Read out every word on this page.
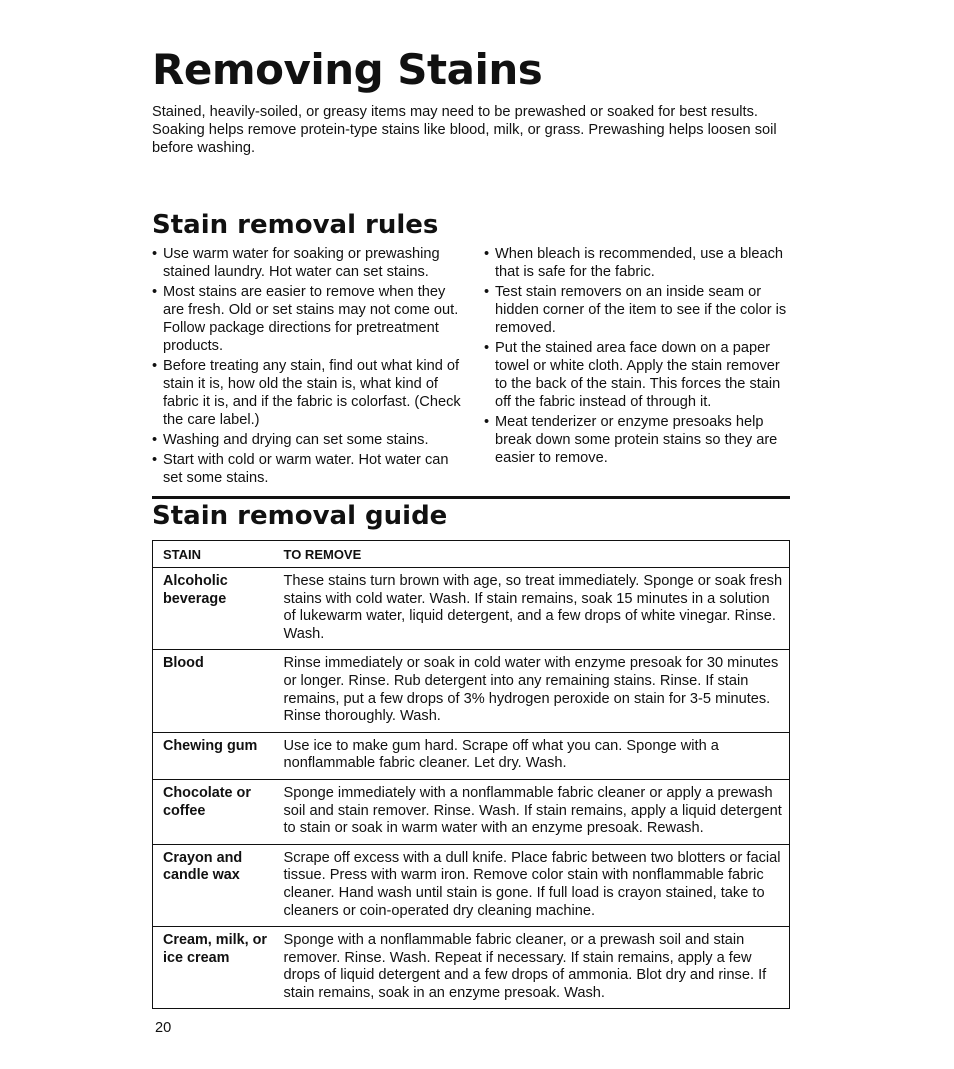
Removing Stains

Stained, heavily-soiled, or greasy items may need to be prewashed or soaked for best results. Soaking helps remove protein-type stains like blood, milk, or grass. Prewashing helps loosen soil before washing.

Stain removal rules
• Use warm water for soaking or prewashing stained laundry. Hot water can set stains.
• Most stains are easier to remove when they are fresh. Old or set stains may not come out. Follow package directions for pretreatment products.
• Before treating any stain, find out what kind of stain it is, how old the stain is, what kind of fabric it is, and if the fabric is colorfast. (Check the care label.)
• Washing and drying can set some stains.
• Start with cold or warm water. Hot water can set some stains.
• When bleach is recommended, use a bleach that is safe for the fabric.
• Test stain removers on an inside seam or hidden corner of the item to see if the color is removed.
• Put the stained area face down on a paper towel or white cloth. Apply the stain remover to the back of the stain. This forces the stain off the fabric instead of through it.
• Meat tenderizer or enzyme presoaks help break down some protein stains so they are easier to remove.
Stain removal guide
STAIN	TO REMOVE
Alcoholic beverage	These stains turn brown with age, so treat immediately. Sponge or soak fresh stains with cold water. Wash. If stain remains, soak 15 minutes in a solution of lukewarm water, liquid detergent, and a few drops of white vinegar. Rinse. Wash.
Blood	Rinse immediately or soak in cold water with enzyme presoak for 30 minutes or longer. Rinse. Rub detergent into any remaining stains. Rinse. If stain remains, put a few drops of 3% hydrogen peroxide on stain for 3-5 minutes. Rinse thoroughly. Wash.
Chewing gum	Use ice to make gum hard. Scrape off what you can. Sponge with a nonflammable fabric cleaner. Let dry. Wash.
Chocolate or coffee	Sponge immediately with a nonflammable fabric cleaner or apply a prewash soil and stain remover. Rinse. Wash. If stain remains, apply a liquid detergent to stain or soak in warm water with an enzyme presoak. Rewash.
Crayon and candle wax	Scrape off excess with a dull knife. Place fabric between two blotters or facial tissue. Press with warm iron. Remove color stain with nonflammable fabric cleaner. Hand wash until stain is gone. If full load is crayon stained, take to cleaners or coin-operated dry cleaning machine.
Cream, milk, or ice cream	Sponge with a nonflammable fabric cleaner, or a prewash soil and stain remover. Rinse. Wash. Repeat if necessary. If stain remains, apply a few drops of liquid detergent and a few drops of ammonia. Blot dry and rinse. If stain remains, soak in an enzyme presoak. Wash.

20
